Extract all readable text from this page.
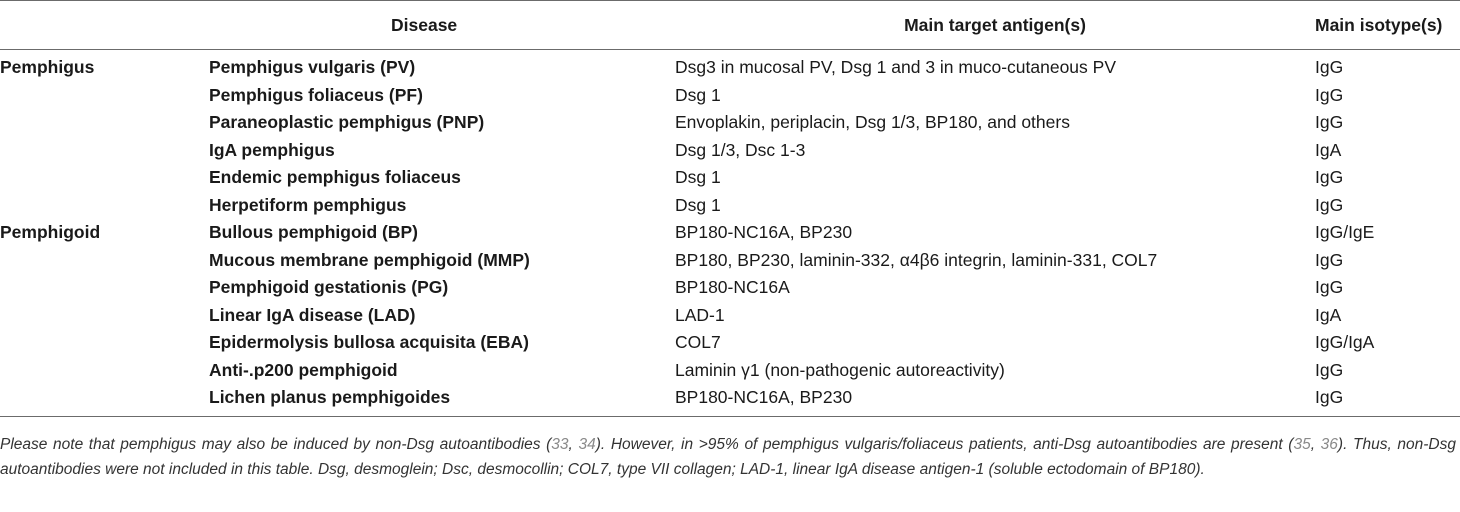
	Disease	Main target antigen(s)	Main isotype(s)
Pemphigus	Pemphigus vulgaris (PV)	Dsg3 in mucosal PV, Dsg 1 and 3 in muco-cutaneous PV	IgG
	Pemphigus foliaceus (PF)	Dsg 1	IgG
	Paraneoplastic pemphigus (PNP)	Envoplakin, periplacin, Dsg 1/3, BP180, and others	IgG
	IgA pemphigus	Dsg 1/3, Dsc 1-3	IgA
	Endemic pemphigus foliaceus	Dsg 1	IgG
	Herpetiform pemphigus	Dsg 1	IgG
Pemphigoid	Bullous pemphigoid (BP)	BP180-NC16A, BP230	IgG/IgE
	Mucous membrane pemphigoid (MMP)	BP180, BP230, laminin-332, α4β6 integrin, laminin-331, COL7	IgG
	Pemphigoid gestationis (PG)	BP180-NC16A	IgG
	Linear IgA disease (LAD)	LAD-1	IgA
	Epidermolysis bullosa acquisita (EBA)	COL7	IgG/IgA
	Anti-.p200 pemphigoid	Laminin γ1 (non-pathogenic autoreactivity)	IgG
	Lichen planus pemphigoides	BP180-NC16A, BP230	IgG
Please note that pemphigus may also be induced by non-Dsg autoantibodies (33, 34). However, in >95% of pemphigus vulgaris/foliaceus patients, anti-Dsg autoantibodies are present (35, 36). Thus, non-Dsg autoantibodies were not included in this table. Dsg, desmoglein; Dsc, desmocollin; COL7, type VII collagen; LAD-1, linear IgA disease antigen-1 (soluble ectodomain of BP180).
